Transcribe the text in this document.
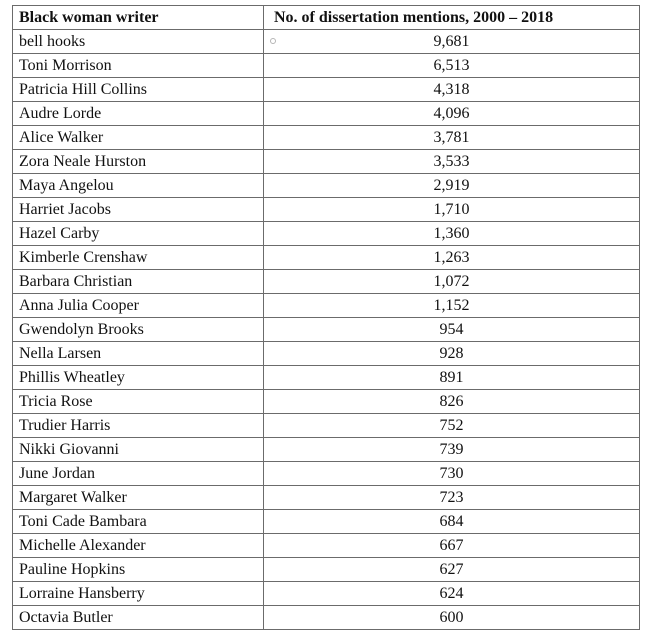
Black woman writer	No. of dissertation mentions, 2000 – 2018
bell hooks	9,681

Toni Morrison	6,513
Patricia Hill Collins	4,318
Audre Lorde	4,096
Alice Walker	3,781
Zora Neale Hurston	3,533
Maya Angelou	2,919
Harriet Jacobs	1,710
Hazel Carby	1,360
Kimberle Crenshaw	1,263
Barbara Christian	1,072
Anna Julia Cooper	1,152
Gwendolyn Brooks	954
Nella Larsen	928
Phillis Wheatley	891
Tricia Rose	826
Trudier Harris	752
Nikki Giovanni	739
June Jordan	730
Margaret Walker	723
Toni Cade Bambara	684
Michelle Alexander	667
Pauline Hopkins	627
Lorraine Hansberry	624
Octavia Butler	600
